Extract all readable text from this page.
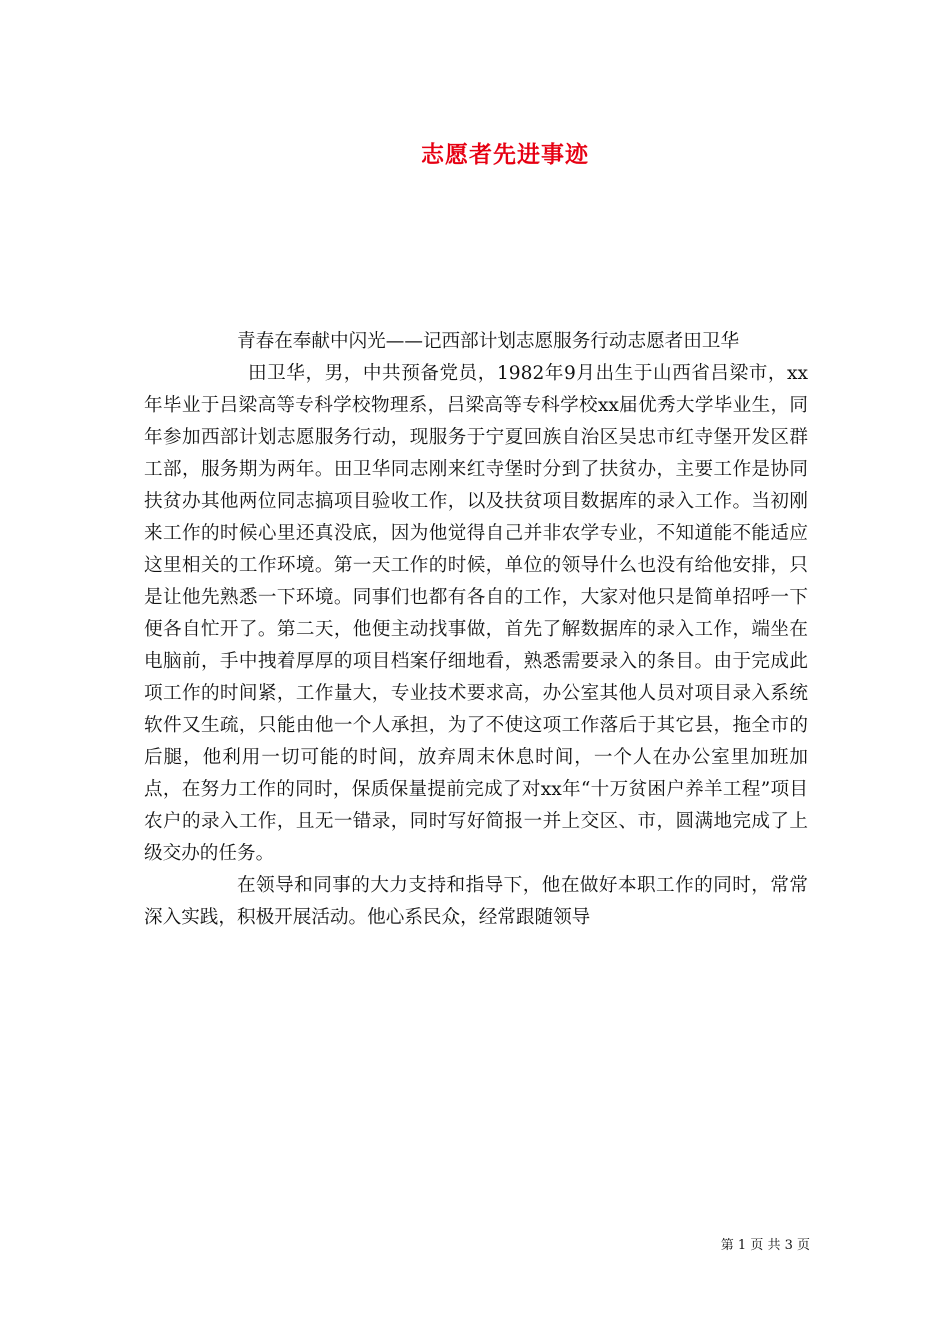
志愿者先进事迹

青春在奉献中闪光——记西部计划志愿服务行动志愿者田卫华

田卫华，男，中共预备党员，1982年9月出生于山西省吕梁市，xx年毕业于吕梁高等专科学校物理系，吕梁高等专科学校xx届优秀大学毕业生，同年参加西部计划志愿服务行动，现服务于宁夏回族自治区吴忠市红寺堡开发区群工部，服务期为两年。田卫华同志刚来红寺堡时分到了扶贫办，主要工作是协同扶贫办其他两位同志搞项目验收工作，以及扶贫项目数据库的录入工作。当初刚来工作的时候心里还真没底，因为他觉得自己并非农学专业，不知道能不能适应这里相关的工作环境。第一天工作的时候，单位的领导什么也没有给他安排，只是让他先熟悉一下环境。同事们也都有各自的工作，大家对他只是简单招呼一下便各自忙开了。第二天，他便主动找事做，首先了解数据库的录入工作，端坐在电脑前，手中拽着厚厚的项目档案仔细地看，熟悉需要录入的条目。由于完成此项工作的时间紧，工作量大，专业技术要求高，办公室其他人员对项目录入系统软件又生疏，只能由他一个人承担，为了不使这项工作落后于其它县，拖全市的后腿，他利用一切可能的时间，放弃周末休息时间，一个人在办公室里加班加点，在努力工作的同时，保质保量提前完成了对xx年“十万贫困户养羊工程”项目农户的录入工作，且无一错录，同时写好简报一并上交区、市，圆满地完成了上级交办的任务。

在领导和同事的大力支持和指导下，他在做好本职工作的同时，常常深入实践，积极开展活动。他心系民众，经常跟随领导

第 1 页 共 3 页
